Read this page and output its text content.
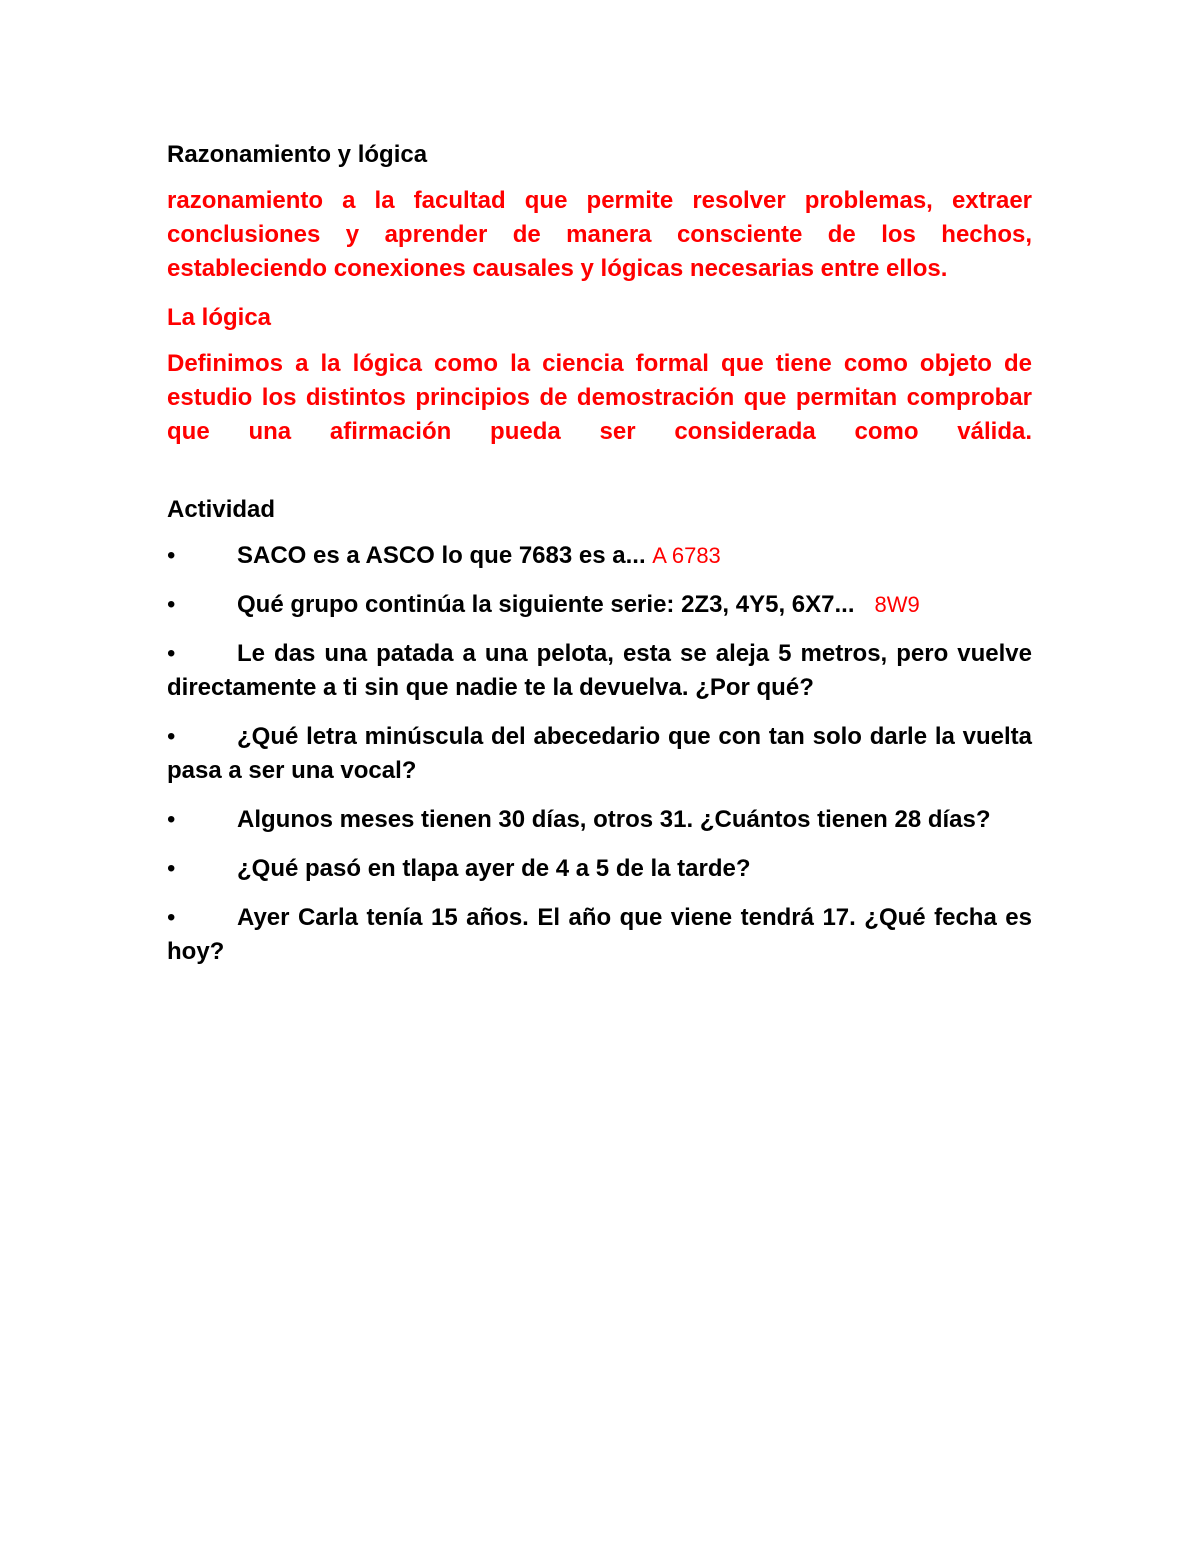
Razonamiento y lógica
razonamiento a la facultad que permite resolver problemas, extraer conclusiones y aprender de manera consciente de los hechos, estableciendo conexiones causales y lógicas necesarias entre ellos.
La lógica
Definimos a la lógica como la ciencia formal que tiene como objeto de estudio los distintos principios de demostración que permitan comprobar que una afirmación pueda ser considerada como válida.
Actividad
•	SACO es a ASCO lo que 7683 es a... A 6783
•	Qué grupo continúa la siguiente serie: 2Z3, 4Y5, 6X7... 8W9
•	Le das una patada a una pelota, esta se aleja 5 metros, pero vuelve directamente a ti sin que nadie te la devuelva. ¿Por qué?
•	¿Qué letra minúscula del abecedario que con tan solo darle la vuelta pasa a ser una vocal?
•	Algunos meses tienen 30 días, otros 31. ¿Cuántos tienen 28 días?
•	¿Qué pasó en tlapa ayer de 4 a 5 de la tarde?
•	Ayer Carla tenía 15 años. El año que viene tendrá 17. ¿Qué fecha es hoy?
